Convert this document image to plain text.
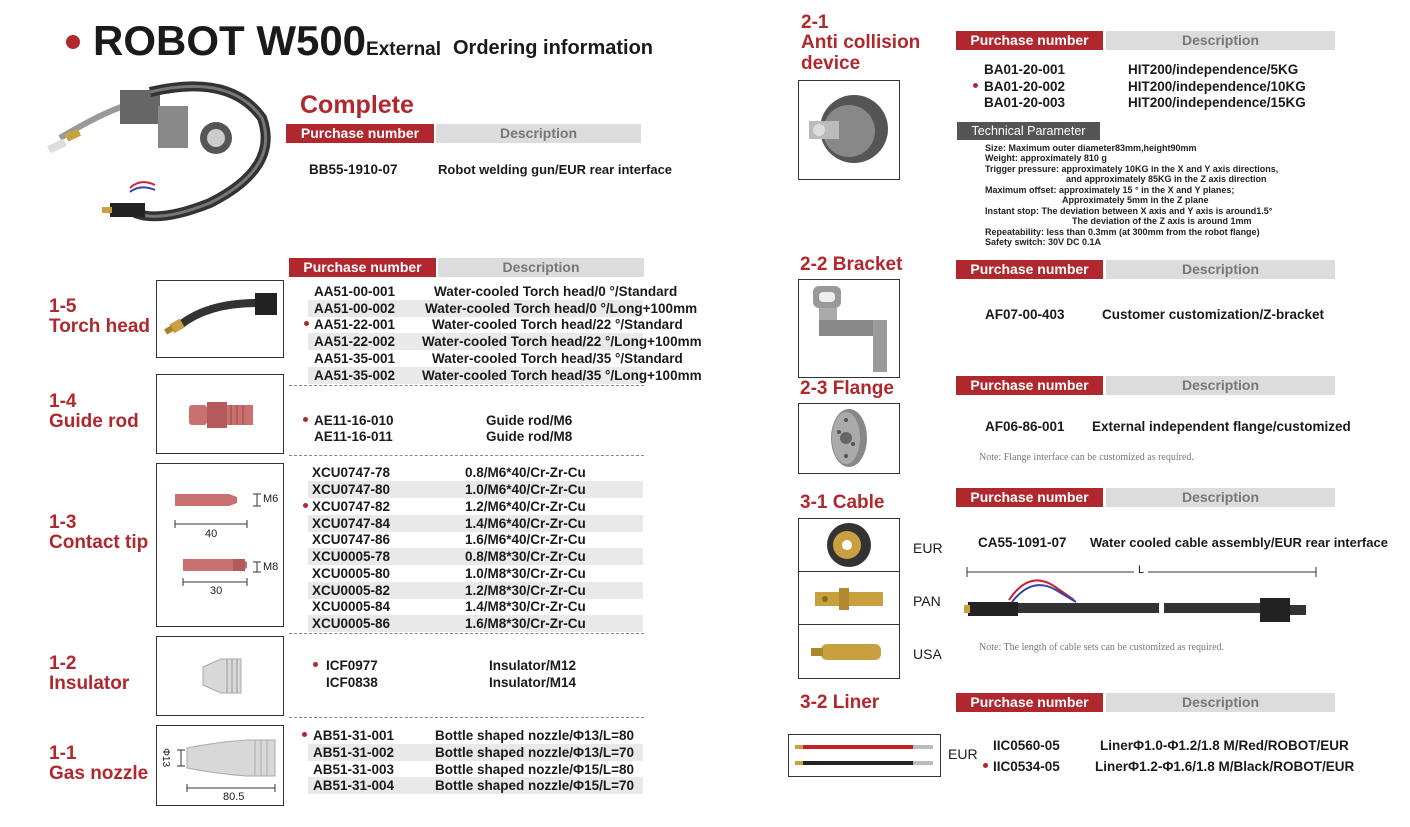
ROBOT W500External Ordering information
Complete
Purchase number	Description
BB55-1910-07	Robot welding gun/EUR rear interface
Purchase number	Description
1-5
Torch head
AA51-00-001	Water-cooled Torch head/0 °/Standard
AA51-00-002 Water-cooled Torch head/0 °/Long+100mm
AA51-22-001	Water-cooled Torch head/22 °/Standard
AA51-22-002 Water-cooled Torch head/22 °/Long+100mm
AA51-35-001	Water-cooled Torch head/35 °/Standard
AA51-35-002 Water-cooled Torch head/35 °/Long+100mm
1-4
Guide rod	AE11-16-010	Guide rod/M6
AE11-16-011	Guide rod/M8
1-3
Contact tip
M6
40
M8
30
XCU0747-78	0.8/M6*40/Cr-Zr-Cu
XCU0747-80	1.0/M6*40/Cr-Zr-Cu
XCU0747-82	1.2/M6*40/Cr-Zr-Cu
XCU0747-84	1.4/M6*40/Cr-Zr-Cu
XCU0747-86	1.6/M6*40/Cr-Zr-Cu
XCU0005-78	0.8/M8*30/Cr-Zr-Cu
XCU0005-80	1.0/M8*30/Cr-Zr-Cu
XCU0005-82	1.2/M8*30/Cr-Zr-Cu
XCU0005-84	1.4/M8*30/Cr-Zr-Cu
XCU0005-86	1.6/M8*30/Cr-Zr-Cu
1-2
Insulator
ICF0977	Insulator/M12
ICF0838	Insulator/M14
1-1
Gas nozzle
Φ13
80.5
AB51-31-001	Bottle shaped nozzle/Φ13/L=80
AB51-31-002	Bottle shaped nozzle/Φ13/L=70
AB51-31-003	Bottle shaped nozzle/Φ15/L=80
AB51-31-004	Bottle shaped nozzle/Φ15/L=70
2-1
Anti collision
device
Purchase number	Description
BA01-20-001	HIT200/independence/5KG
BA01-20-002	HIT200/independence/10KG
BA01-20-003	HIT200/independence/15KG
Technical Parameter
Size: Maximum outer diameter83mm,height90mm
Weight: approximately 810 g
Trigger pressure: approximately 10KG in the X and Y axis directions,
and approximately 85KG in the Z axis direction
Maximum offset: approximately 15 ° in the X and Y planes;
Approximately 5mm in the Z plane
Instant stop: The deviation between X axis and Y axis is around1.5°
The deviation of the Z axis is around 1mm
Repeatability: less than 0.3mm (at 300mm from the robot flange)
Safety switch: 30V DC 0.1A
2-2 Bracket	Purchase number	Description
AF07-00-403	Customer customization/Z-bracket
2-3 Flange	Purchase number	Description
AF06-86-001 External independent flange/customized
Note: Flange interface can be customized as required.
3-1 Cable
EUR
PAN
USA
Purchase number	Description
CA55-1091-07 Water cooled cable assembly/EUR rear interface
L
Note: The length of cable sets can be customized as required.
3-2 Liner
EUR
Purchase number	Description
IIC0560-05	LinerΦ1.0-Φ1.2/1.8 M/Red/ROBOT/EUR
IIC0534-05	LinerΦ1.2-Φ1.6/1.8 M/Black/ROBOT/EUR
